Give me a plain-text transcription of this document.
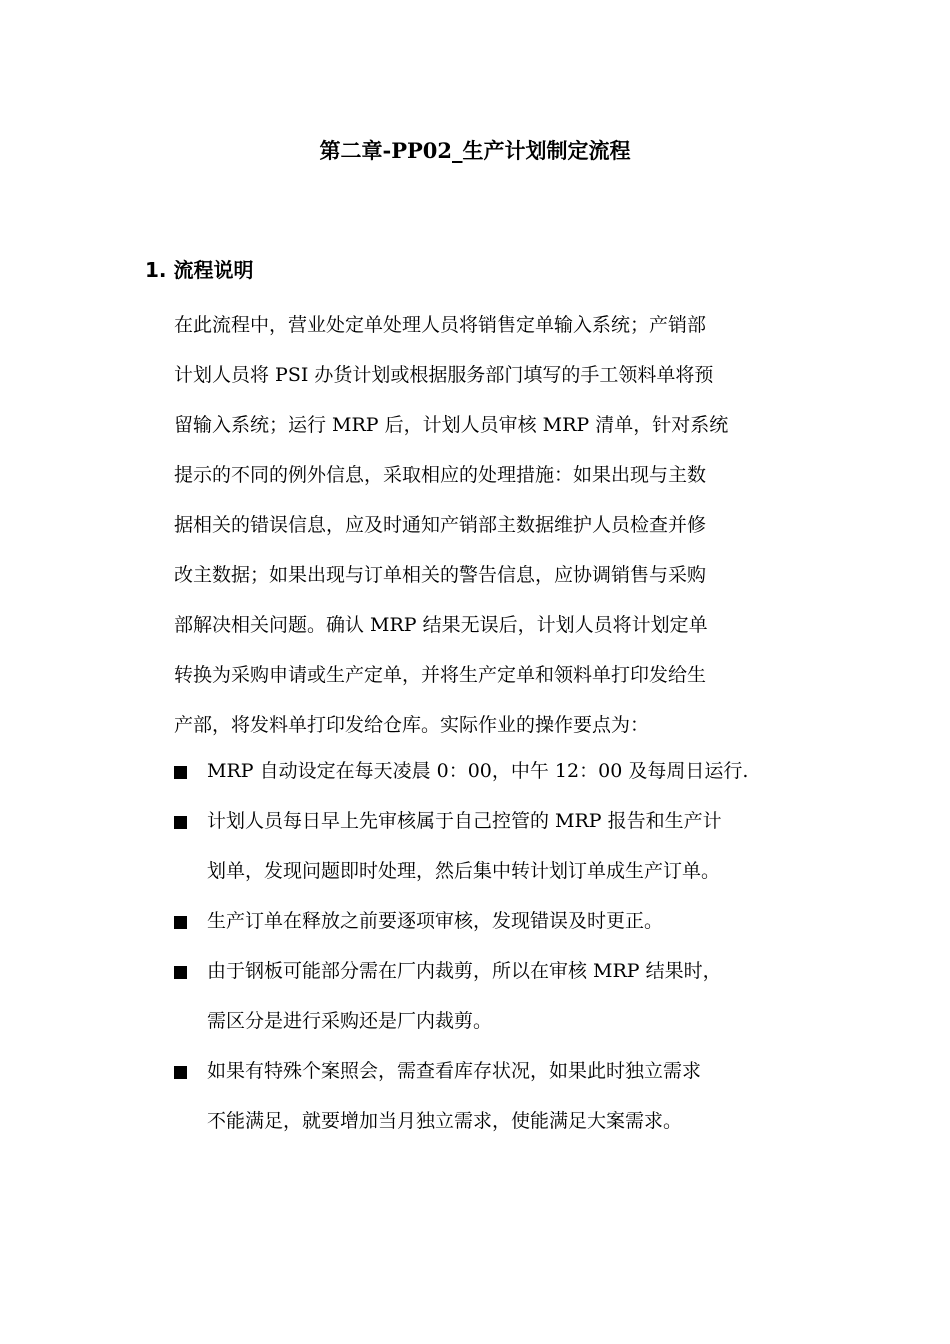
第二章-PP02_生产计划制定流程
1. 流程说明
在此流程中，营业处定单处理人员将销售定单输入系统；产销部
计划人员将 PSI 办货计划或根据服务部门填写的手工领料单将预
留输入系统；运行 MRP 后，计划人员审核 MRP 清单，针对系统
提示的不同的例外信息，采取相应的处理措施：如果出现与主数
据相关的错误信息，应及时通知产销部主数据维护人员检查并修
改主数据；如果出现与订单相关的警告信息，应协调销售与采购
部解决相关问题。确认 MRP 结果无误后，计划人员将计划定单
转换为采购申请或生产定单，并将生产定单和领料单打印发给生
产部，将发料单打印发给仓库。实际作业的操作要点为：
MRP 自动设定在每天凌晨 0：00，中午 12：00 及每周日运行.
计划人员每日早上先审核属于自己控管的 MRP 报告和生产计
划单，发现问题即时处理，然后集中转计划订单成生产订单。
生产订单在释放之前要逐项审核，发现错误及时更正。
由于钢板可能部分需在厂内裁剪，所以在审核 MRP 结果时，
需区分是进行采购还是厂内裁剪。
如果有特殊个案照会，需查看库存状况，如果此时独立需求
不能满足，就要增加当月独立需求，使能满足大案需求。
